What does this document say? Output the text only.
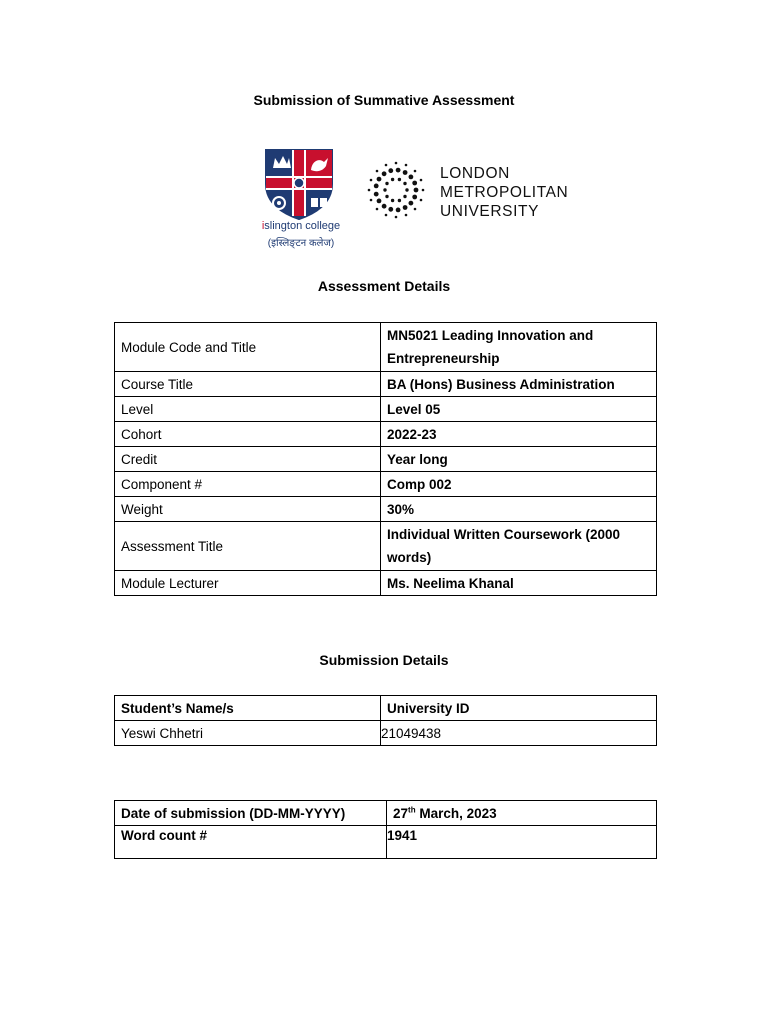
Submission of Summative Assessment
islington college
(इस्लिङ्टन कलेज)
LONDON
METROPOLITAN
UNIVERSITY
Assessment Details
Module Code and Title	MN5021 Leading Innovation and
Entrepreneurship

Course Title	BA (Hons) Business Administration
Level	Level 05
Cohort	2022-23
Credit	Year long
Component #	Comp 002
Weight	30%
Assessment Title	Individual Written Coursework (2000
words)

Module Lecturer	Ms. Neelima Khanal
Submission Details
Student’s Name/s	University ID
Yeswi Chhetri	21049438
Date of submission (DD-MM-YYYY)	27th March, 2023
Word count #	1941
